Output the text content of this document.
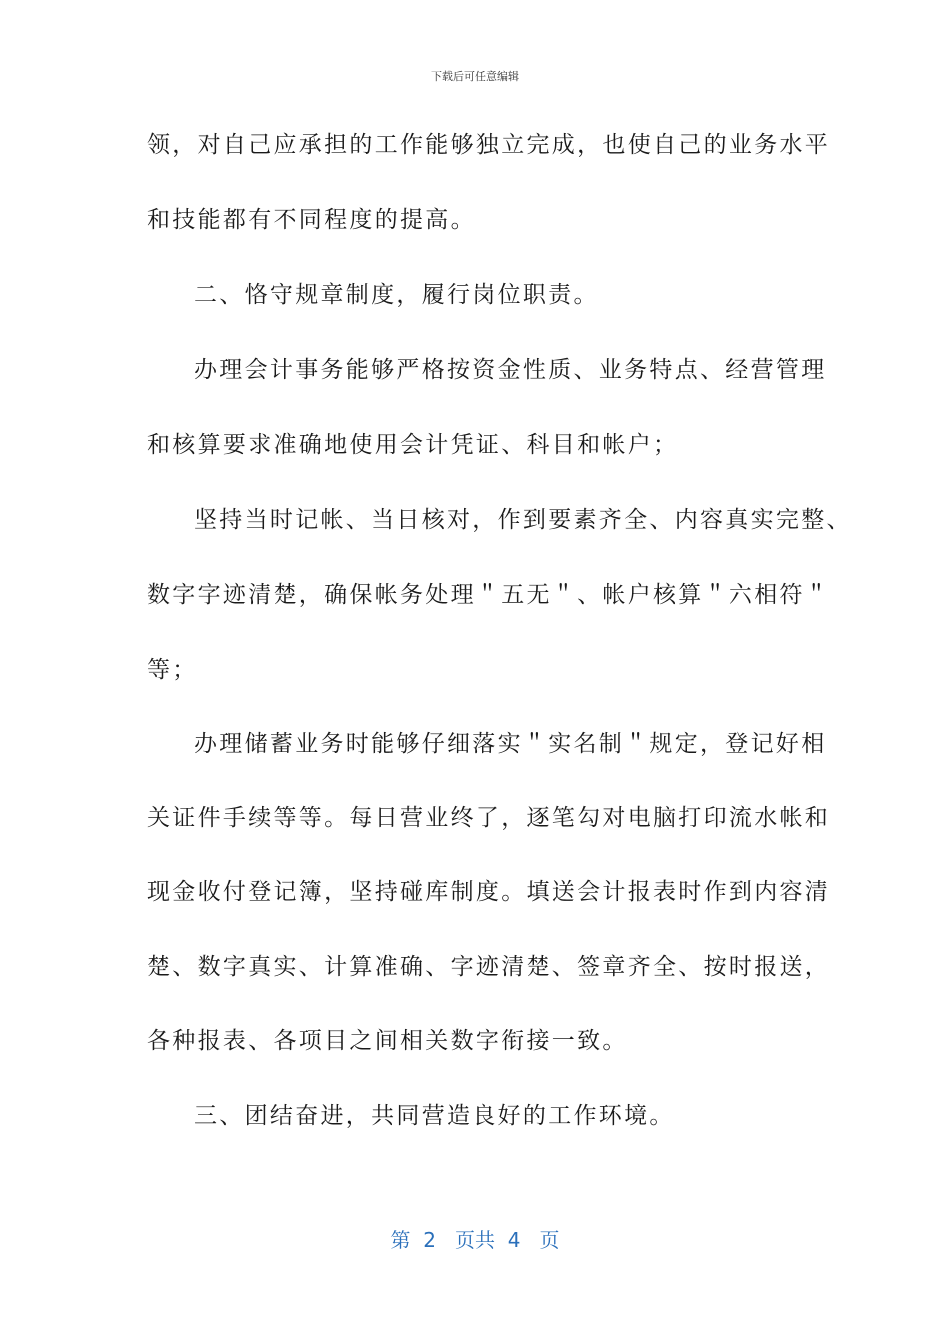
下载后可任意编辑
领，对自己应承担的工作能够独立完成，也使自己的业务水平
和技能都有不同程度的提高。
二、恪守规章制度，履行岗位职责。
办理会计事务能够严格按资金性质、业务特点、经营管理
和核算要求准确地使用会计凭证、科目和帐户；
坚持当时记帐、当日核对，作到要素齐全、内容真实完整、
数字字迹清楚，确保帐务处理＂五无＂、帐户核算＂六相符＂
等；
办理储蓄业务时能够仔细落实＂实名制＂规定，登记好相
关证件手续等等。每日营业终了，逐笔勾对电脑打印流水帐和
现金收付登记簿，坚持碰库制度。填送会计报表时作到内容清
楚、数字真实、计算准确、字迹清楚、签章齐全、按时报送，
各种报表、各项目之间相关数字衔接一致。
三、团结奋进，共同营造良好的工作环境。
第  2   页共  4   页
